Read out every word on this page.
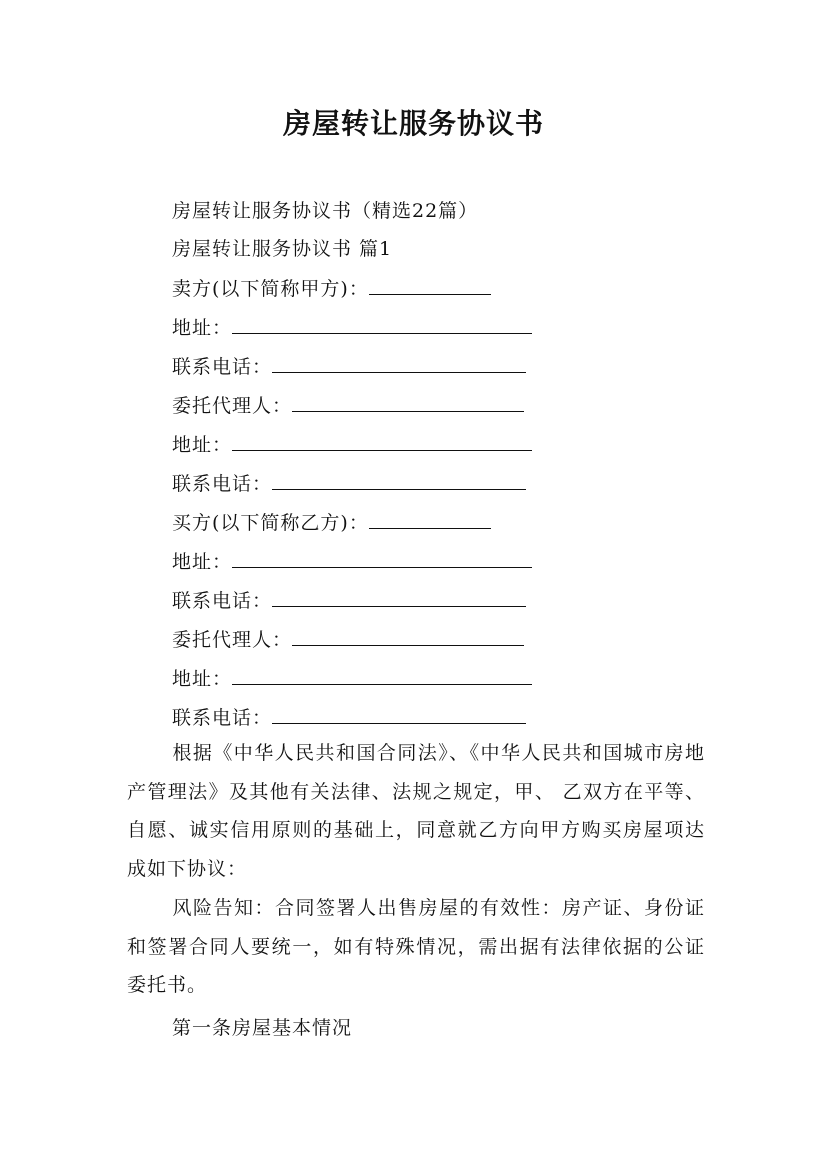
房屋转让服务协议书
房屋转让服务协议书（精选22篇）
房屋转让服务协议书 篇1
卖方(以下简称甲方)：
地址：
联系电话：
委托代理人：
地址：
联系电话：
买方(以下简称乙方)：
地址：
联系电话：
委托代理人：
地址：
联系电话：
根据《中华人民共和国合同法》、《中华人民共和国城市房地产管理法》及其他有关法律、法规之规定，甲、 乙双方在平等、自愿、诚实信用原则的基础上，同意就乙方向甲方购买房屋项达成如下协议：
风险告知：合同签署人出售房屋的有效性：房产证、身份证和签署合同人要统一，如有特殊情况，需出据有法律依据的公证委托书。
第一条房屋基本情况
